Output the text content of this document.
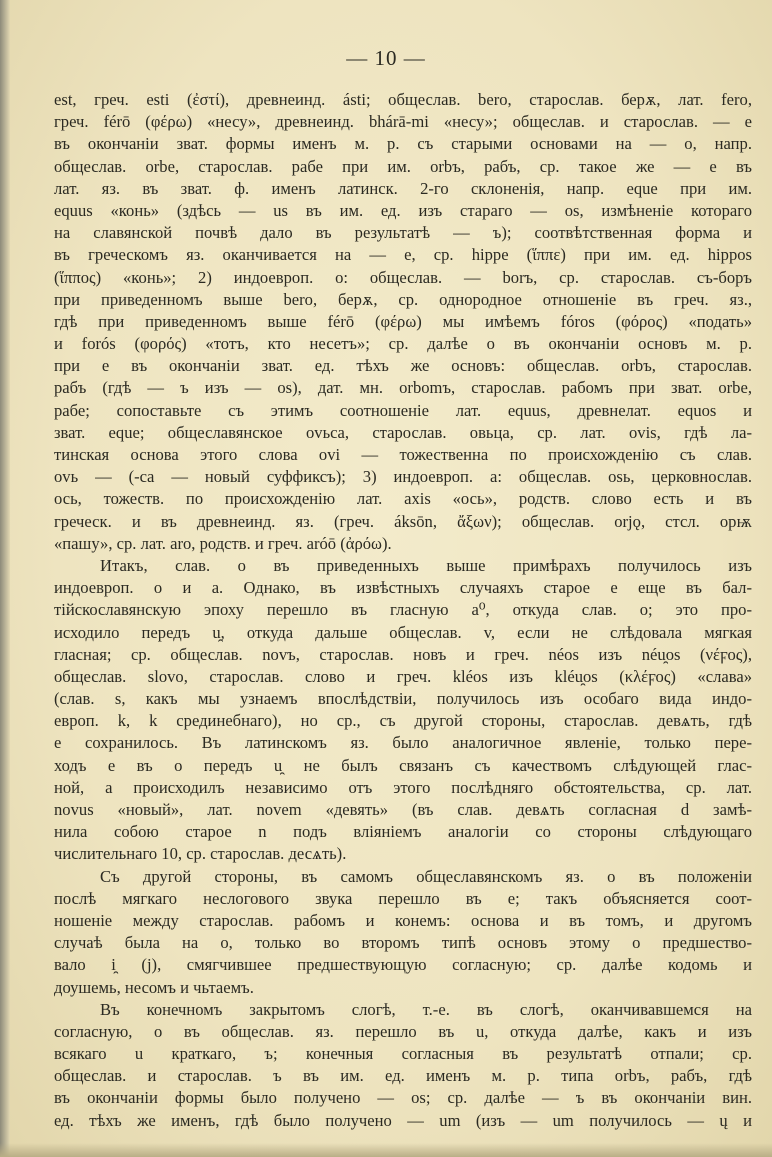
— 10 —
est, греч. esti (ἐστί), древнеинд. ásti; общеслав. bero, старослав. берѫ, лат. fero,
греч. férō (φέρω) «несу», древнеинд. bhárā-mi «несу»; общеслав. и старослав. — е
въ окончаніи зват. формы именъ м. р. съ старыми основами на — о, напр.
общеслав. orbe, старослав. рабе при им. orbъ, рабъ, ср. такое же — е въ
лат. яз. въ зват. ф. именъ латинск. 2-го склоненія, напр. eque при им.
equus «конь» (здѣсь — us въ им. ед. изъ стараго — os, измѣненіе котораго
на славянской почвѣ дало въ результатѣ — ъ); соотвѣтственная форма и
въ греческомъ яз. оканчивается на — е, ср. hippe (ἵππε) при им. ед. hippos
(ἵππος) «конь»; 2) индоевроп. о: общеслав. — borъ, ср. старослав. съ-боръ
при приведенномъ выше bero, берѫ, ср. однородное отношеніе въ греч. яз.,
гдѣ при приведенномъ выше férō (φέρω) мы имѣемъ fóros (φόρος) «подать»
и forós (φορός) «тотъ, кто несетъ»; ср. далѣе о въ окончаніи основъ м. р.
при е въ окончаніи зват. ед. тѣхъ же основъ: общеслав. orbъ, старослав.
рабъ (гдѣ — ъ изъ — os), дат. мн. orbomъ, старослав. рабомъ при зват. orbe,
рабе; сопоставьте съ этимъ соотношеніе лат. equus, древнелат. equos и
зват. eque; общеславянское ovьca, старослав. овьца, ср. лат. ovis, гдѣ ла-
тинская основа этого слова ovi — тожественна по происхожденію съ слав.
ovь — (-ca — новый суффиксъ); 3) индоевроп. а: общеслав. osь, церковнослав.
ось, тожеств. по происхожденію лат. axis «ось», родств. слово есть и въ
греческ. и въ древнеинд. яз. (греч. áksōn, ἄξων); общеслав. orjǫ, стсл. орѭ
«пашу», ср. лат. aro, родств. и греч. aróō (ἀρόω).
Итакъ, слав. о въ приведенныхъ выше примѣрахъ получилось изъ
индоевроп. о и а. Однако, въ извѣстныхъ случаяхъ старое е еще въ бал-
тійскославянскую эпоху перешло въ гласную а⁰, откуда слав. о; это про-
исходило передъ u̯, откуда дальше общеслав. v, если не слѣдовала мягкая
гласная; ср. общеслав. novъ, старослав. новъ и греч. néos изъ néu̯os (νέϝος),
общеслав. slovo, старослав. слово и греч. kléos изъ kléu̯os (κλέϝος) «слава»
(слав. s, какъ мы узнаемъ впослѣдствіи, получилось изъ особаго вида индо-
европ. k, k срединебнаго), но ср., съ другой стороны, старослав. девѧть, гдѣ
е сохранилось. Въ латинскомъ яз. было аналогичное явленіе, только пере-
ходъ е въ о передъ u̯ не былъ связанъ съ качествомъ слѣдующей глас-
ной, а происходилъ независимо отъ этого послѣдняго обстоятельства, ср. лат.
novus «новый», лат. novem «девять» (въ слав. девѧть согласная d замѣ-
нила собою старое n подъ вліяніемъ аналогіи со стороны слѣдующаго
числительнаго 10, ср. старослав. десѧть).
Съ другой стороны, въ самомъ общеславянскомъ яз. о въ положеніи
послѣ мягкаго неслогового звука перешло въ е; такъ объясняется соот-
ношеніе между старослав. рабомъ и конемъ: основа и въ томъ, и другомъ
случаѣ была на о, только во второмъ типѣ основъ этому о предшество-
вало i̯ (j), смягчившее предшествующую согласную; ср. далѣе кодомь и
доушемь, несомъ и чьтаемъ.
Въ конечномъ закрытомъ слогѣ, т.-е. въ слогѣ, оканчивавшемся на
согласную, о въ общеслав. яз. перешло въ u, откуда далѣе, какъ и изъ
всякаго u краткаго, ъ; конечныя согласныя въ результатѣ отпали; ср.
общеслав. и старослав. ъ въ им. ед. именъ м. р. типа orbъ, рабъ, гдѣ
въ окончаніи формы было получено — os; ср. далѣе — ъ въ окончаніи вин.
ед. тѣхъ же именъ, гдѣ было получено — um (изъ — um получилось — ų и
